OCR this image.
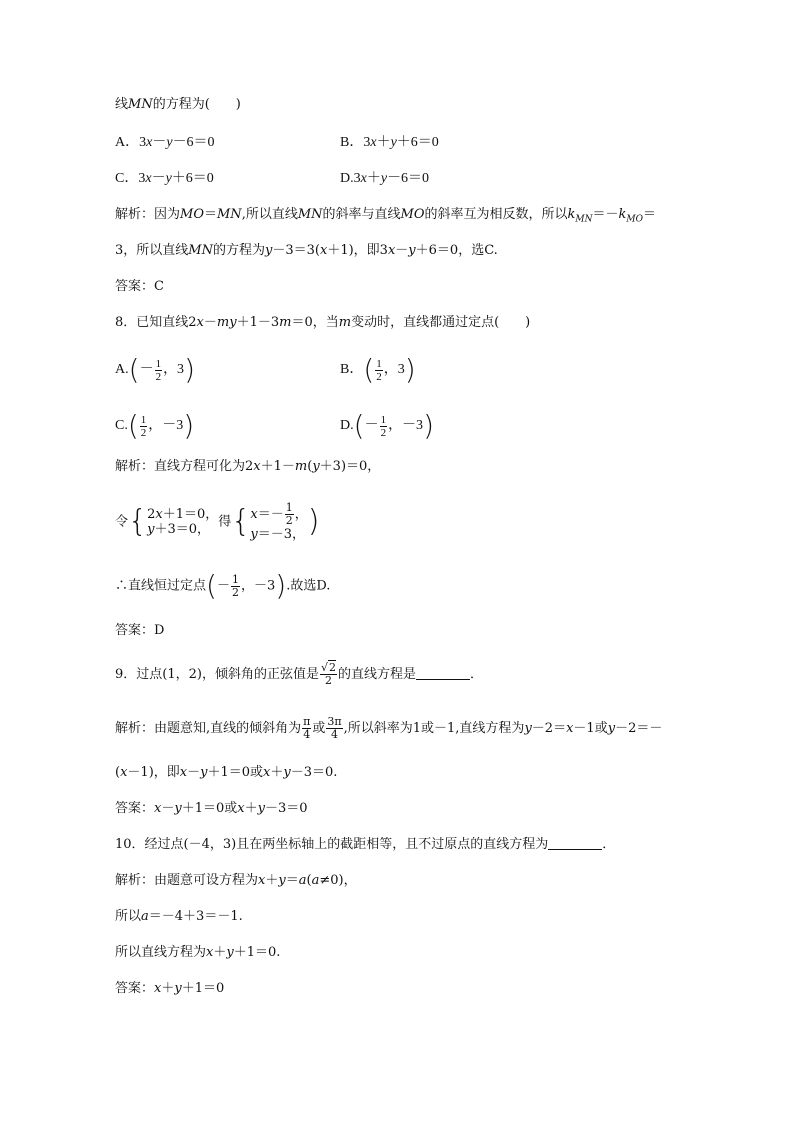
线MN的方程为(　　)
A．3x－y－6＝0	B．3x＋y＋6＝0
C．3x－y＋6＝0	D.3x＋y－6＝0
解析：因为MO＝MN,所以直线MN的斜率与直线MO的斜率互为相反数，所以$k_{MN}=-k_{MO}=$
3，所以直线MN的方程为y－3＝3(x＋1)，即3x－y＋6＝0，选C.
答案：C
8．已知直线2x－my＋1－3m＝0，当m变动时，直线都通过定点(　　)
$A.(- \frac{1}{2}$ ，3)	B．( $\frac{1}{2}$ ，3)
$C.( \frac{1}{2}$ ，－3)	$D.(- \frac{1}{2}$ ，－3)
解析：直线方程可化为2x＋1－m(y＋3)＝0，
令{2x＋1＝0，
y＋3＝0， 得{$x=- \frac{1}{2}$ ，
y＝－3，)
∴直线恒过定点(－ $\frac{1}{2}$ ，－3).故选D.
答案：D
9．过点(1，2)，倾斜角的正弦值是 $\frac{√2}{2}$ 的直线方程是	．
解析：由题意知,直线的倾斜角为 $\frac{\pi}{4}$ 或 $\frac{3\pi}{4}$ ,所以斜率为1或－1,直线方程为y－2＝x－1或y－2＝－
(x－1)，即x－y＋1＝0或x＋y－3＝0.
答案：x－y＋1＝0或x＋y－3＝0
10．经过点(－4，3)且在两坐标轴上的截距相等，且不过原点的直线方程为	．
解析：由题意可设方程为x＋y＝a(a≠0)，
所以a＝－4＋3＝－1.
所以直线方程为x＋y＋1＝0.
答案：x＋y＋1＝0
